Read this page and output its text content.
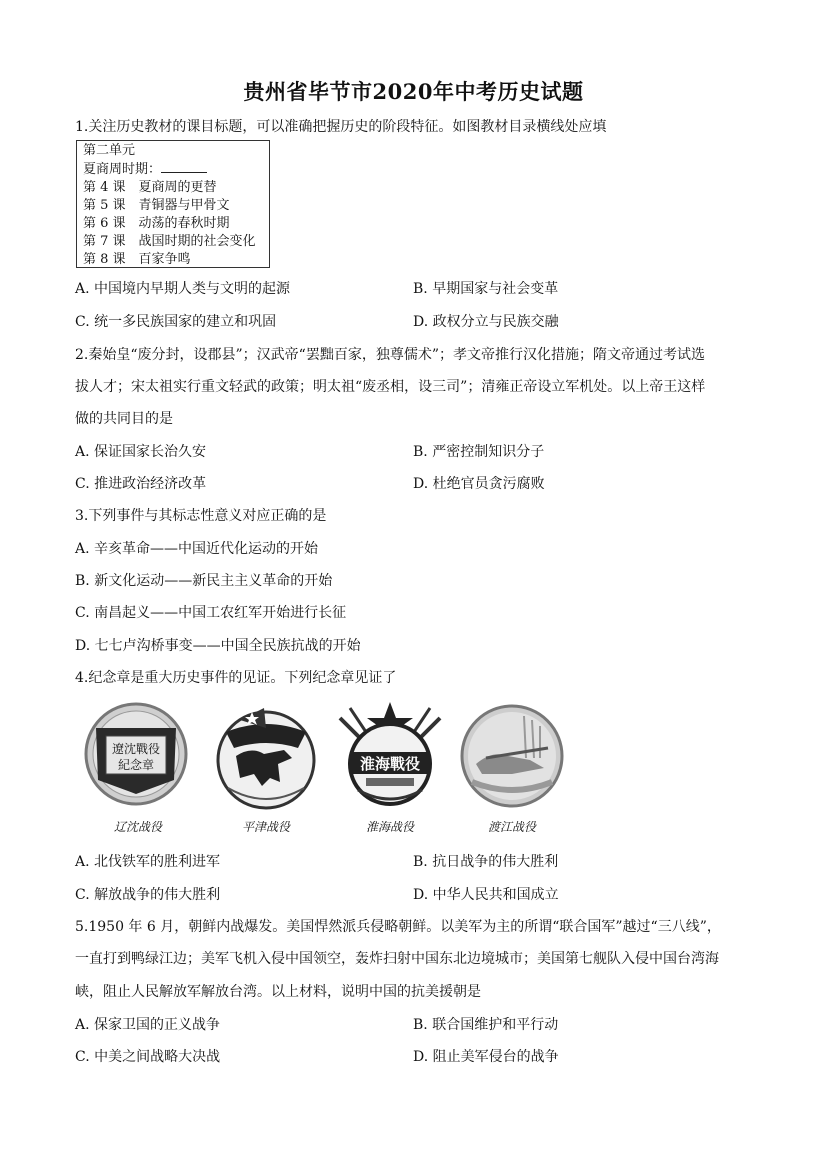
贵州省毕节市2020年中考历史试题
1.关注历史教材的课目标题，可以准确把握历史的阶段特征。如图教材目录横线处应填
第二单元
夏商周时期：
第 4 课　夏商周的更替
第 5 课　青铜器与甲骨文
第 6 课　动荡的春秋时期
第 7 课　战国时期的社会变化
第 8 课　百家争鸣
A. 中国境内早期人类与文明的起源	B. 早期国家与社会变革
C. 统一多民族国家的建立和巩固	D. 政权分立与民族交融
2.秦始皇“废分封，设郡县”；汉武帝“罢黜百家，独尊儒术”；孝文帝推行汉化措施；隋文帝通过考试选
拔人才；宋太祖实行重文轻武的政策；明太祖“废丞相，设三司”；清雍正帝设立军机处。以上帝王这样
做的共同目的是
A. 保证国家长治久安	B. 严密控制知识分子
C. 推进政治经济改革	D. 杜绝官员贪污腐败
3.下列事件与其标志性意义对应正确的是
A. 辛亥革命——中国近代化运动的开始
B. 新文化运动——新民主主义革命的开始
C. 南昌起义——中国工农红军开始进行长征
D. 七七卢沟桥事变——中国全民族抗战的开始
4.纪念章是重大历史事件的见证。下列纪念章见证了
遼沈戰役
紀念章
辽沈战役	平津战役
淮海戰役
淮海战役	渡江战役
A. 北伐铁军的胜利进军	B. 抗日战争的伟大胜利
C. 解放战争的伟大胜利	D. 中华人民共和国成立
5.1950 年 6 月，朝鲜内战爆发。美国悍然派兵侵略朝鲜。以美军为主的所谓“联合国军”越过“三八线”，
一直打到鸭绿江边；美军飞机入侵中国领空，轰炸扫射中国东北边境城市；美国第七舰队入侵中国台湾海
峡，阻止人民解放军解放台湾。以上材料，说明中国的抗美援朝是
A. 保家卫国的正义战争	B. 联合国维护和平行动
C. 中美之间战略大决战	D. 阻止美军侵台的战争
